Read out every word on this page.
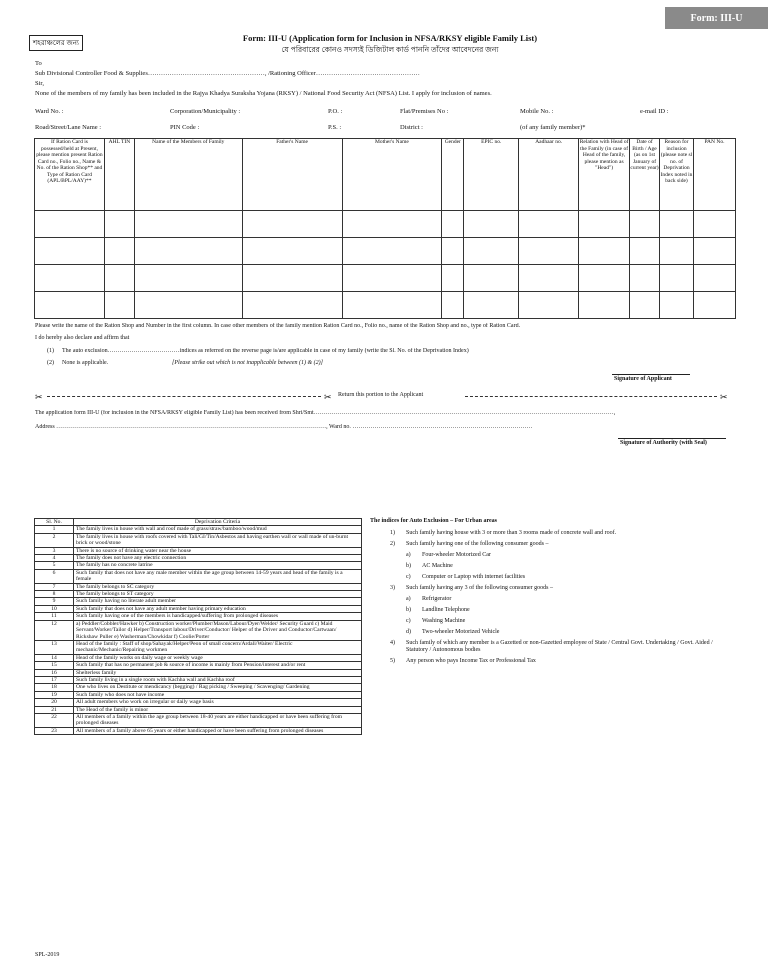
Form: III-U
শহরাঞ্চলের জন্য	Form: III-U (Application form for Inclusion in NFSA/RKSY eligible Family List)
যে পরিবারের কোনও সদস্যই ডিজিটাল কার্ড পাননি তাঁদের আবেদনের জন্য
To
Sub Divisional Controller Food & Supplies………………………………………………, /Rationing Officer…………………………………………
Sir,
None of the members of my family has been included in the Rajya Khadya Suraksha Yojana (RKSY) / National Food Security Act (NFSA) List. I apply for inclusion of names.
Ward No. :	Corporation/Municipality :	P.O. :	Flat/Premises No :	Mobile No. :	e-mail ID :
Road/Street/Lane Name :	PIN Code :	P.S. :	District :	(of any family member)*
If Ration Card is possessed/held at Present, please mention present Ration Card no., Folio no., Name & No. of the Ration Shop** and Type of Ration Card (APL/BPL/AAY)**	AHL TIN	Name of the Members of Family	Father's Name	Mother's Name	Gender	EPIC no.	Aadhaar no.	Relation with Head of the Family (in case of Head of the family, please mention as "Head")	Date of Birth / Age (as on 1st January of current year)	Reason for inclusion (please note sl no. of Deprivation Index noted in back side)	PAN No.

Please write the name of the Ration Shop and Number in the first column. In case other members of the family mention Ration Card no., Folio no., name of the Ration Shop and no., type of Ration Card.
I do hereby also declare and affirm that
(1) The auto exclusion………………………………indices as referred on the reverse page is/are applicable in case of my family (write the Sl. No. of the Deprivation Index)
(2) None is applicable.	[Please strike out which is not inapplicable between (1) & (2)]
Signature of Applicant
✂	✂ Return this portion to the Applicant	✂
The application form III-U (for inclusion in the NFSA/RKSY eligible Family List) has been received from Shri/Smt……………………………………………………………………………………………………………………………………,
Address ………………………………………………………………………………………………………………………, Ward no. ………………………………………………………………………………
Signature of Authority (with Seal)
Sl. No.	Deprivation Criteria
1	The family lives in house with wall and roof made of grass/straw/bamboo/wood/mud
2	The family lives in house with roofs covered with Tali/GI/Tin/Asbestos and having earthen wall or wall made of un-burnt brick or wood/stone
3	There is no source of drinking water near the house
4	The family does not have any electric connection
5	The family has no concrete latrine
6	Such family that does not have any male member within the age group between 14-59 years and head of the family is a female
7	The family belongs to SC category
8	The family belongs to ST category
9	Such family having no literate adult member
10	Such family that does not have any adult member having primary education
11	Such family having one of the members is handicapped/suffering from prolonged diseases
12	a) Peddler/Cobbler/Hawker b) Construction worker/Plumber/Mason/Labour/Dyer/Welder/ Security Guard c) Maid Servant/Worker/Tailor d) Helper/Transport labour/Driver/Conductor/ Helper of the Driver and Conductor/Cartwaan/ Rickshaw Puller e) Washerman/Chowkidar f) Coolie/Porter
13	Head of the family : Staff of shop/Sahayak/Helper/Peon of small concern/Ardali/Waiter/ Electric mechanic/Mechanic/Repairing workmen
14	Head of the family works on daily wage or weekly wage
15	Such family that has no permanent job & source of income is mainly from Pension/interest and/or rent
16	Shelterless family
17	Such family living in a single room with Kachha wall and Kachha roof
18	One who lives on Destitute or mendicancy (begging) / Rag picking / Sweeping / Scavenging/ Gardening
19	Such family who does not have income
20	All adult members who work on irregular or daily wage basis
21	The Head of the family is minor
22	All members of a family within the age group between 18-40 years are either handicapped or have been suffering from prolonged diseases
23	All members of a family above 65 years or either handicapped or have been suffering from prolonged diseases
The indices for Auto Exclusion – For Urban areas
1)	Such family having house with 3 or more than 3 rooms made of concrete wall and roof.
2)	Such family having one of the following consumer goods –
a)	Four-wheeler Motorized Car
b)	AC Machine
c)	Computer or Laptop with internet facilities
3)	Such family having any 3 of the following consumer goods –
a)	Refrigerator
b)	Landline Telephone
c)	Washing Machine
d)	Two-wheeler Motorized Vehicle
4)	Such family of which any member is a Gazetted or non-Gazetted employee of State / Central Govt. Undertaking / Govt. Aided / Statutory / Autonomous bodies
5)	Any person who pays Income Tax or Professional Tax
SPL-2019
